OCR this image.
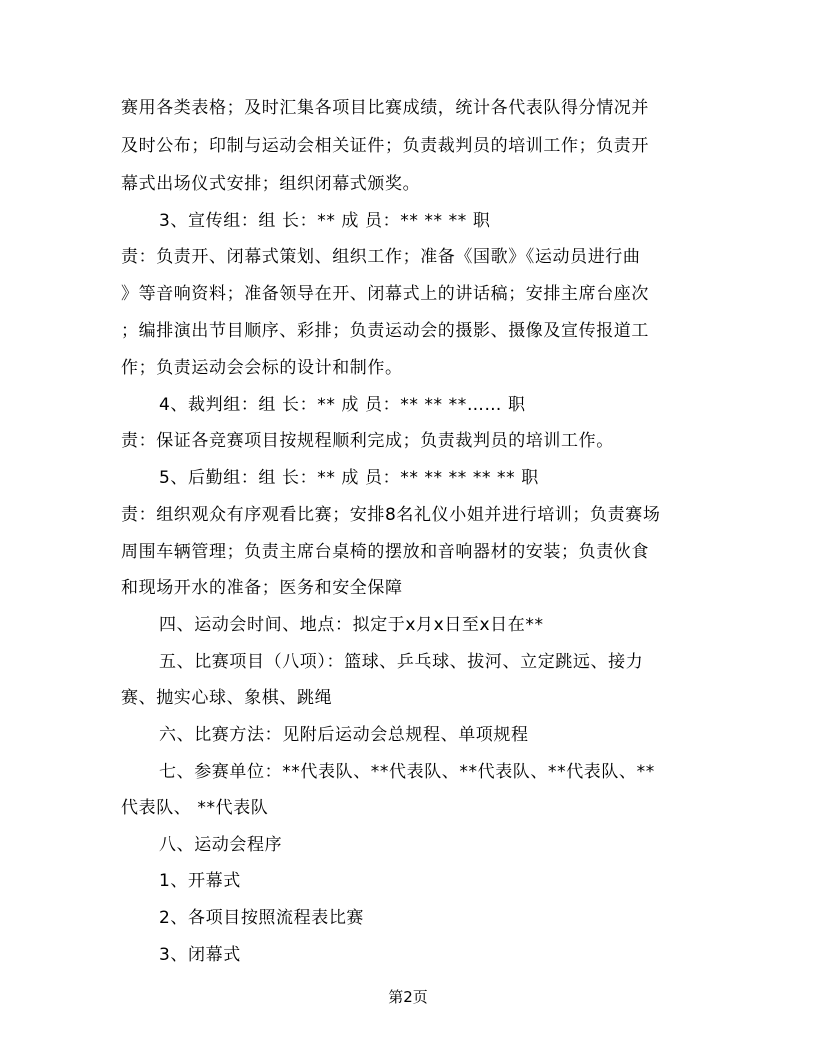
赛用各类表格；及时汇集各项目比赛成绩，统计各代表队得分情况并
及时公布；印制与运动会相关证件；负责裁判员的培训工作；负责开
幕式出场仪式安排；组织闭幕式颁奖。
3、宣传组：组 长：** 成 员：** ** ** 职
责：负责开、闭幕式策划、组织工作；准备《国歌》《运动员进行曲
》等音响资料；准备领导在开、闭幕式上的讲话稿；安排主席台座次
；编排演出节目顺序、彩排；负责运动会的摄影、摄像及宣传报道工
作；负责运动会会标的设计和制作。
4、裁判组：组 长：** 成 员：** ** **…… 职
责：保证各竞赛项目按规程顺利完成；负责裁判员的培训工作。
5、后勤组：组 长：** 成 员：** ** ** ** ** 职
责：组织观众有序观看比赛；安排8名礼仪小姐并进行培训；负责赛场
周围车辆管理；负责主席台桌椅的摆放和音响器材的安装；负责伙食
和现场开水的准备；医务和安全保障
四、运动会时间、地点：拟定于x月x日至x日在**
五、比赛项目（八项）：篮球、乒乓球、拔河、立定跳远、接力
赛、抛实心球、象棋、跳绳
六、比赛方法：见附后运动会总规程、单项规程
七、参赛单位：**代表队、**代表队、**代表队、**代表队、**
代表队、 **代表队
八、运动会程序
1、开幕式
2、各项目按照流程表比赛
3、闭幕式
第2页
